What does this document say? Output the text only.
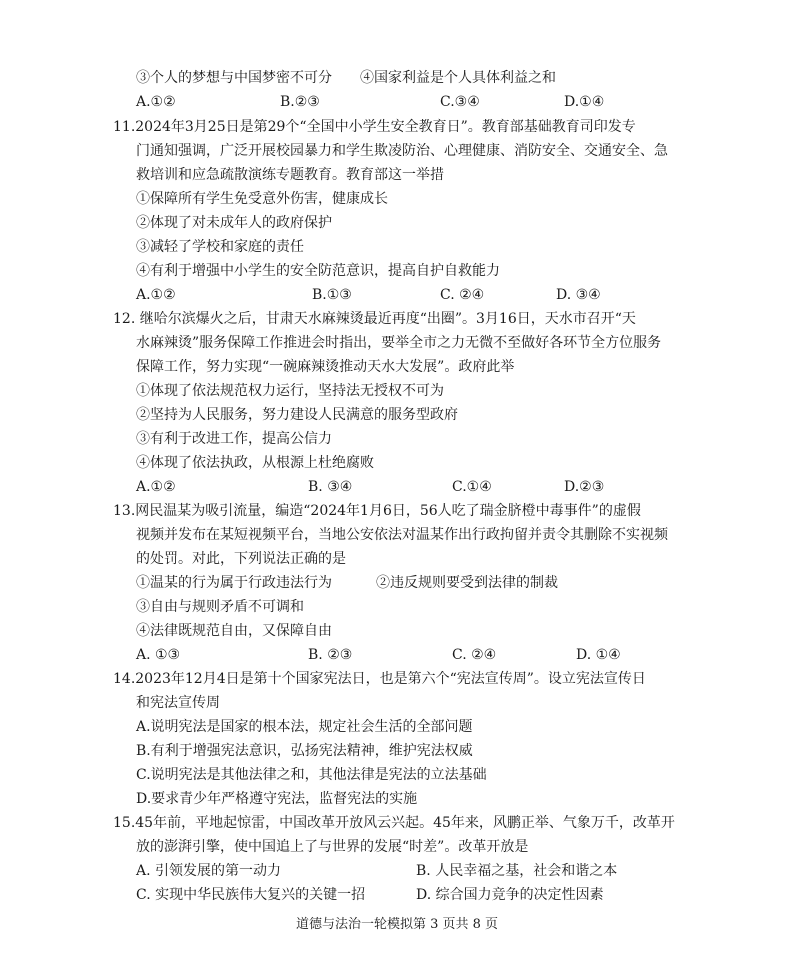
③个人的梦想与中国梦密不可分 ④国家利益是个人具体利益之和
A.①②	B.②③	C.③④	D.①④
11.2024年3月25日是第29个“全国中小学生安全教育日”。教育部基础教育司印发专
门通知强调，广泛开展校园暴力和学生欺凌防治、心理健康、消防安全、交通安全、急
救培训和应急疏散演练专题教育。教育部这一举措
①保障所有学生免受意外伤害，健康成长
②体现了对未成年人的政府保护
③减轻了学校和家庭的责任
④有利于增强中小学生的安全防范意识，提高自护自救能力
A.①②	B.①③	C. ②④	D. ③④
12. 继哈尔滨爆火之后，甘肃天水麻辣烫最近再度“出圈”。3月16日，天水市召开“天
水麻辣烫”服务保障工作推进会时指出，要举全市之力无微不至做好各环节全方位服务
保障工作，努力实现“一碗麻辣烫推动天水大发展”。政府此举
①体现了依法规范权力运行，坚持法无授权不可为
②坚持为人民服务，努力建设人民满意的服务型政府
③有利于改进工作，提高公信力
④体现了依法执政，从根源上杜绝腐败
A.①②	B. ③④	C.①④	D.②③
13.网民温某为吸引流量，编造“2024年1月6日，56人吃了瑞金脐橙中毒事件”的虚假
视频并发布在某短视频平台，当地公安依法对温某作出行政拘留并责令其删除不实视频
的处罚。对此，下列说法正确的是
①温某的行为属于行政违法行为	②违反规则要受到法律的制裁
③自由与规则矛盾不可调和
④法律既规范自由，又保障自由
A. ①③	B. ②③	C. ②④	D. ①④
14.2023年12月4日是第十个国家宪法日，也是第六个“宪法宣传周”。设立宪法宣传日
和宪法宣传周
A.说明宪法是国家的根本法，规定社会生活的全部问题
B.有利于增强宪法意识，弘扬宪法精神，维护宪法权威
C.说明宪法是其他法律之和，其他法律是宪法的立法基础
D.要求青少年严格遵守宪法，监督宪法的实施
15.45年前，平地起惊雷，中国改革开放风云兴起。45年来，风鹏正举、气象万千，改革开
放的澎湃引擎，使中国追上了与世界的发展“时差”。改革开放是
A. 引领发展的第一动力	B. 人民幸福之基，社会和谐之本
C. 实现中华民族伟大复兴的关键一招	D. 综合国力竞争的决定性因素
道德与法治一轮模拟第 3 页共 8 页
